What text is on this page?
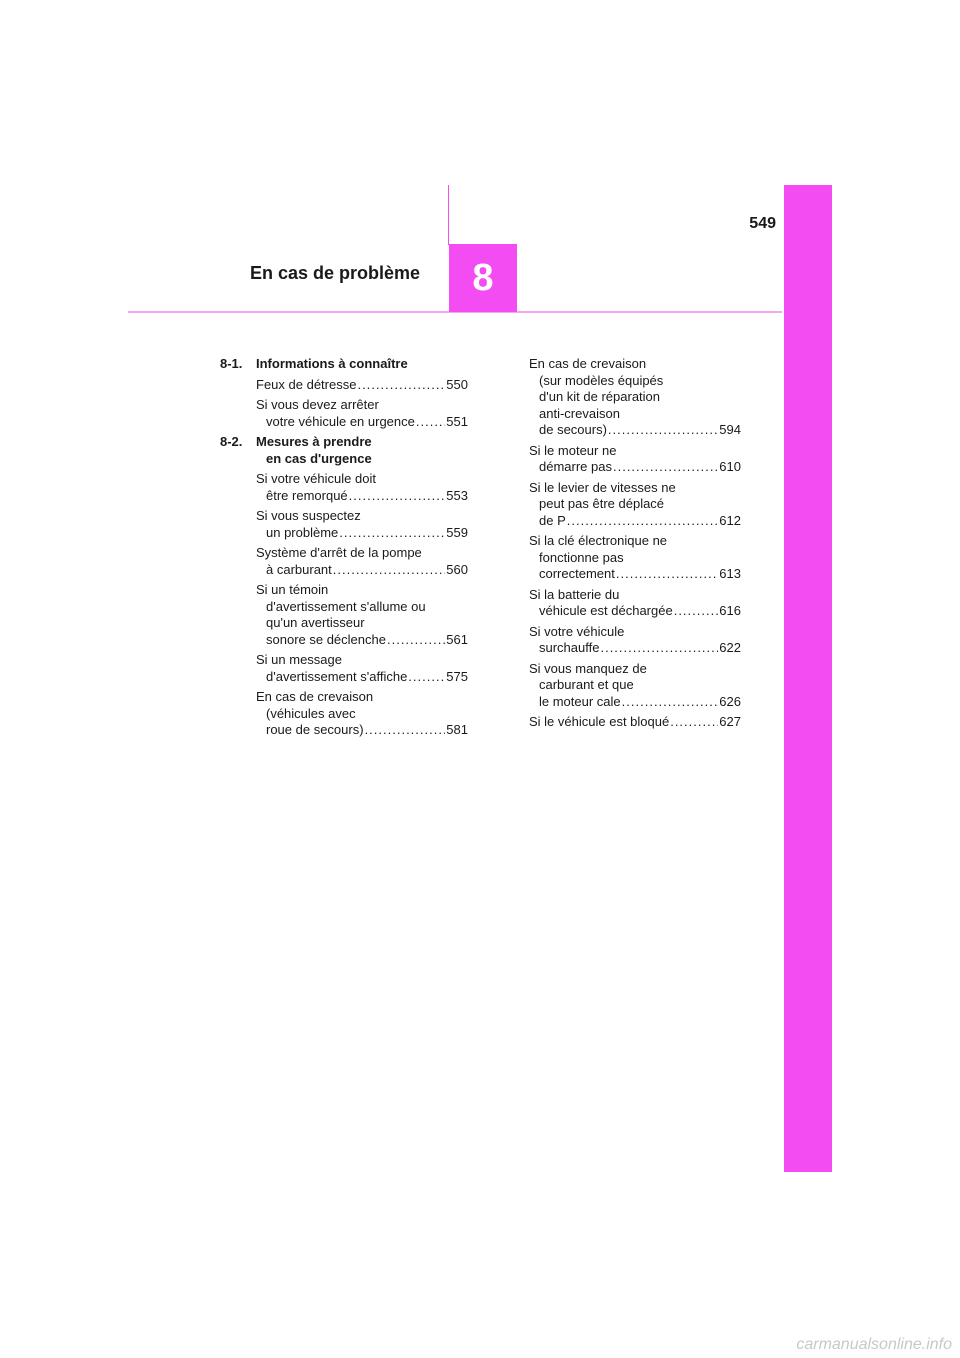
549
En cas de problème	8
8-1. Informations à connaître
Feux de détresse .....	550
Si vous devez arrêter
votre véhicule en urgence ..... 551
8-2. Mesures à prendre
en cas d'urgence
Si votre véhicule doit
être remorqué .....	553
Si vous suspectez
un problème .....	559
Système d'arrêt de la pompe
à carburant .....	560
Si un témoin
d'avertissement s'allume ou
qu'un avertisseur
sonore se déclenche .....	561
Si un message
d'avertissement s'affiche .....	575
En cas de crevaison
(véhicules avec
roue de secours) .....	581
En cas de crevaison
(sur modèles équipés
d'un kit de réparation
anti-crevaison
de secours) .....	594
Si le moteur ne
démarre pas .....	610
Si le levier de vitesses ne
peut pas être déplacé
de P .....	612
Si la clé électronique ne
fonctionne pas
correctement .....	613
Si la batterie du
véhicule est déchargée .....	616
Si votre véhicule
surchauffe .....	622
Si vous manquez de
carburant et que
le moteur cale .....	626
Si le véhicule est bloqué .....	627
carmanualsonline.info
